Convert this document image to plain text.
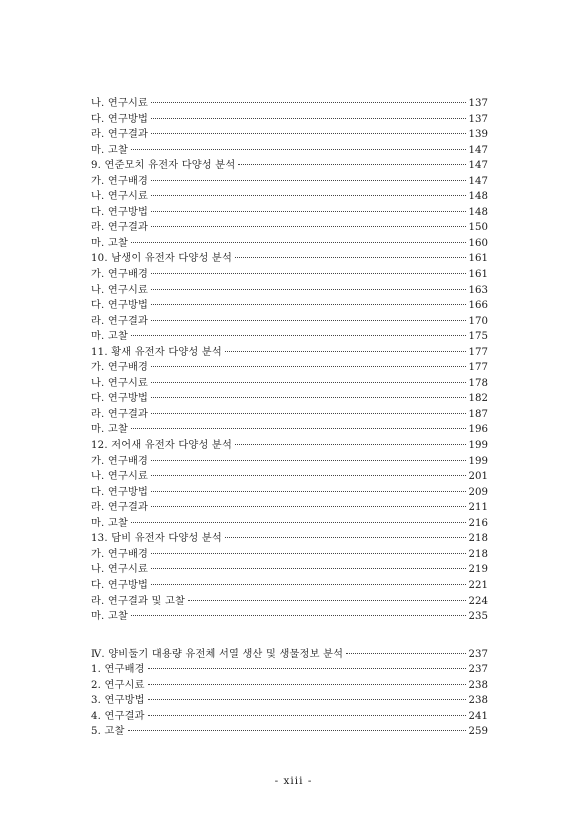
나. 연구시료	137
다. 연구방법	137
라. 연구결과	139
마. 고찰	147
9. 연준모치 유전자 다양성 분석	147
가. 연구배경	147
나. 연구시료	148
다. 연구방법	148
라. 연구결과	150
마. 고찰	160
10. 남생이 유전자 다양성 분석	161
가. 연구배경	161
나. 연구시료	163
다. 연구방법	166
라. 연구결과	170
마. 고찰	175
11. 황새 유전자 다양성 분석	177
가. 연구배경	177
나. 연구시료	178
다. 연구방법	182
라. 연구결과	187
마. 고찰	196
12. 저어새 유전자 다양성 분석	199
가. 연구배경	199
나. 연구시료	201
다. 연구방법	209
라. 연구결과	211
마. 고찰	216
13. 담비 유전자 다양성 분석	218
가. 연구배경	218
나. 연구시료	219
다. 연구방법	221
라. 연구결과 및 고찰	224
마. 고찰	235
Ⅳ. 양비둘기 대용량 유전체 서열 생산 및 생물정보 분석	237
1. 연구배경	237
2. 연구시료	238
3. 연구방법	238
4. 연구결과	241
5. 고찰	259
- xiii -
